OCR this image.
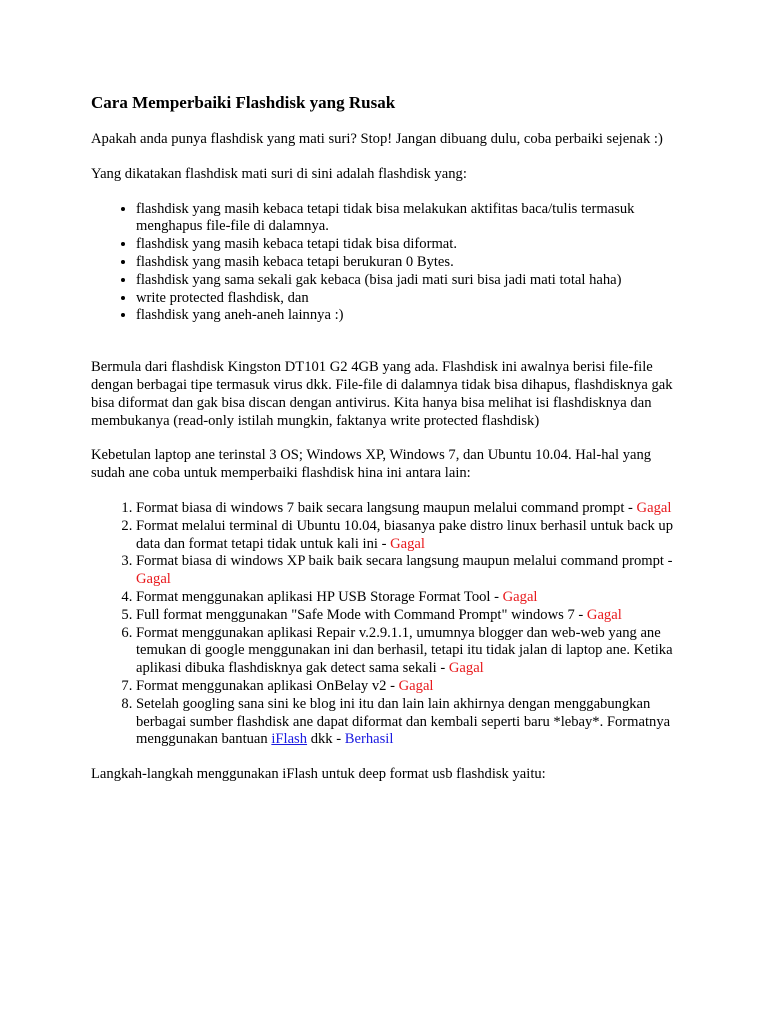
Cara Memperbaiki Flashdisk yang Rusak

Apakah anda punya flashdisk yang mati suri? Stop! Jangan dibuang dulu, coba perbaiki sejenak :)

Yang dikatakan flashdisk mati suri di sini adalah flashdisk yang:

• flashdisk yang masih kebaca tetapi tidak bisa melakukan aktifitas baca/tulis termasuk menghapus file-file di dalamnya.
• flashdisk yang masih kebaca tetapi tidak bisa diformat.
• flashdisk yang masih kebaca tetapi berukuran 0 Bytes.
• flashdisk yang sama sekali gak kebaca (bisa jadi mati suri bisa jadi mati total haha)
• write protected flashdisk, dan
• flashdisk yang aneh-aneh lainnya :)

Bermula dari flashdisk Kingston DT101 G2 4GB yang ada. Flashdisk ini awalnya berisi file-file dengan berbagai tipe termasuk virus dkk. File-file di dalamnya tidak bisa dihapus, flashdisknya gak bisa diformat dan gak bisa discan dengan antivirus. Kita hanya bisa melihat isi flashdisknya dan membukanya (read-only istilah mungkin, faktanya write protected flashdisk)

Kebetulan laptop ane terinstal 3 OS; Windows XP, Windows 7, dan Ubuntu 10.04. Hal-hal yang sudah ane coba untuk memperbaiki flashdisk hina ini antara lain:

1. Format biasa di windows 7 baik secara langsung maupun melalui command prompt - Gagal
2. Format melalui terminal di Ubuntu 10.04, biasanya pake distro linux berhasil untuk back up data dan format tetapi tidak untuk kali ini - Gagal
3. Format biasa di windows XP baik baik secara langsung maupun melalui command prompt - Gagal
4. Format menggunakan aplikasi HP USB Storage Format Tool - Gagal
5. Full format menggunakan "Safe Mode with Command Prompt" windows 7 - Gagal
6. Format menggunakan aplikasi Repair v.2.9.1.1, umumnya blogger dan web-web yang ane temukan di google menggunakan ini dan berhasil, tetapi itu tidak jalan di laptop ane. Ketika aplikasi dibuka flashdisknya gak detect sama sekali - Gagal
7. Format menggunakan aplikasi OnBelay v2 - Gagal
8. Setelah googling sana sini ke blog ini itu dan lain lain akhirnya dengan menggabungkan berbagai sumber flashdisk ane dapat diformat dan kembali seperti baru *lebay*. Formatnya menggunakan bantuan iFlash dkk - Berhasil

Langkah-langkah menggunakan iFlash untuk deep format usb flashdisk yaitu:
